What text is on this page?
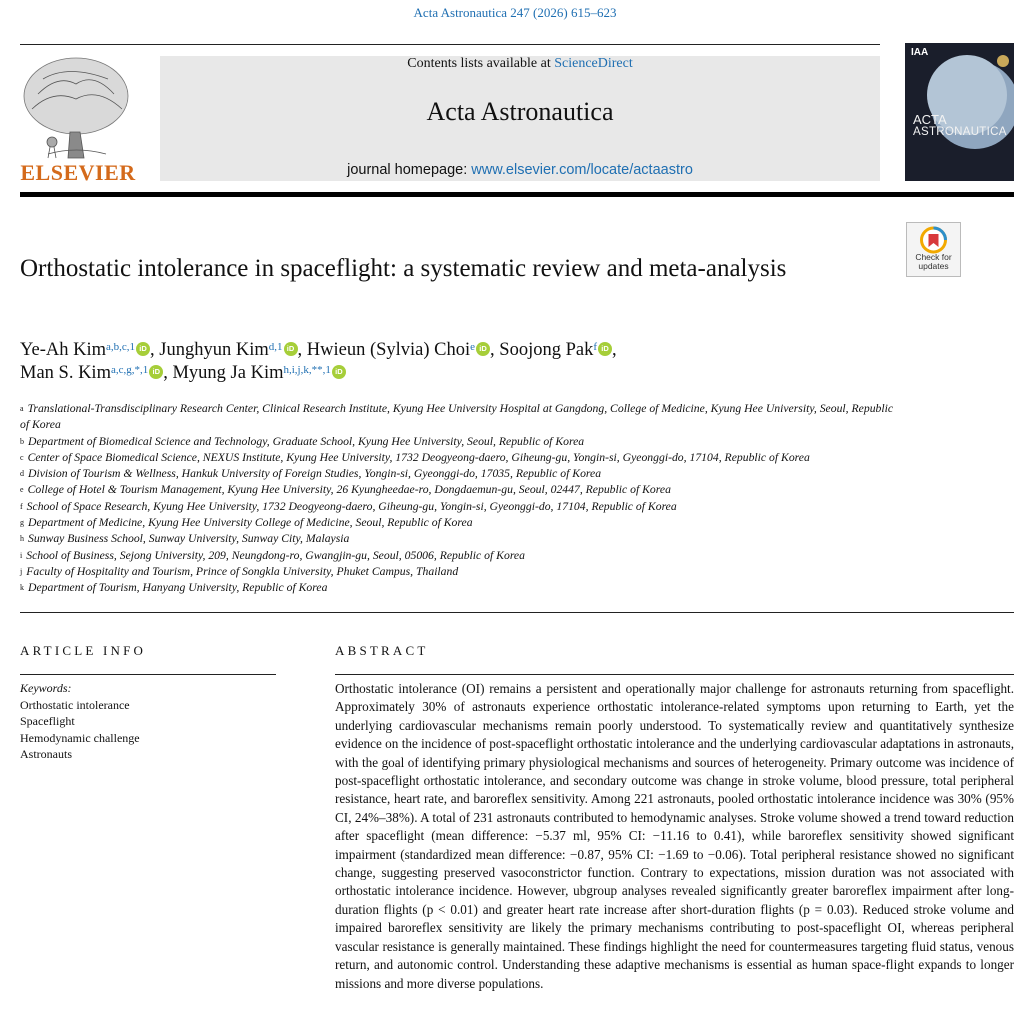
Acta Astronautica 247 (2026) 615–623
ELSEVIER
Contents lists available at ScienceDirect
Acta Astronautica
journal homepage: www.elsevier.com/locate/actaastro
IAA
ACTA
ASTRONAUTICA
Check for updates
Orthostatic intolerance in spaceflight: a systematic review and meta-analysis
Ye-Ah Kim$^{a,b,c,1}$ iD , Junghyun Kim$^{d,1}$ iD , Hwieun (Sylvia) Choi$^e$ iD , Soojong Pak$^f$ iD ,
Man S. Kim$^{a,c,g,*,1}$ iD , Myung Ja Kim$^{h,i,j,k,**,1}$ iD
$^a$ Translational-Transdisciplinary Research Center, Clinical Research Institute, Kyung Hee University Hospital at Gangdong, College of Medicine, Kyung Hee University, Seoul, Republic of Korea
$^b$ Department of Biomedical Science and Technology, Graduate School, Kyung Hee University, Seoul, Republic of Korea
$^c$ Center of Space Biomedical Science, NEXUS Institute, Kyung Hee University, 1732 Deogyeong-daero, Giheung-gu, Yongin-si, Gyeonggi-do, 17104, Republic of Korea
$^d$ Division of Tourism & Wellness, Hankuk University of Foreign Studies, Yongin-si, Gyeonggi-do, 17035, Republic of Korea
$^e$ College of Hotel & Tourism Management, Kyung Hee University, 26 Kyungheedae-ro, Dongdaemun-gu, Seoul, 02447, Republic of Korea
$^f$ School of Space Research, Kyung Hee University, 1732 Deogyeong-daero, Giheung-gu, Yongin-si, Gyeonggi-do, 17104, Republic of Korea
$^g$ Department of Medicine, Kyung Hee University College of Medicine, Seoul, Republic of Korea
$^h$ Sunway Business School, Sunway University, Sunway City, Malaysia
$^i$ School of Business, Sejong University, 209, Neungdong-ro, Gwangjin-gu, Seoul, 05006, Republic of Korea
$^j$ Faculty of Hospitality and Tourism, Prince of Songkla University, Phuket Campus, Thailand
$^k$ Department of Tourism, Hanyang University, Republic of Korea
ARTICLE INFO
Keywords:
Orthostatic intolerance
Spaceflight
Hemodynamic challenge
Astronauts
ABSTRACT
Orthostatic intolerance (OI) remains a persistent and operationally major challenge for astronauts returning from spaceflight. Approximately 30% of astronauts experience orthostatic intolerance-related symptoms upon returning to Earth, yet the underlying cardiovascular mechanisms remain poorly understood. To systematically review and quantitatively synthesize evidence on the incidence of post-spaceflight orthostatic intolerance and the underlying cardiovascular adaptations in astronauts, with the goal of identifying primary physiological mechanisms and sources of heterogeneity. Primary outcome was incidence of post-spaceflight orthostatic intolerance, and secondary outcome was change in stroke volume, blood pressure, total peripheral resistance, heart rate, and baroreflex sensitivity. Among 221 astronauts, pooled orthostatic intolerance incidence was 30% (95% CI, 24%–38%). A total of 231 astronauts contributed to hemodynamic analyses. Stroke volume showed a trend toward reduction after spaceflight (mean difference: −5.37 ml, 95% CI: −11.16 to 0.41), while baroreflex sensitivity showed significant impairment (standardized mean difference: −0.87, 95% CI: −1.69 to −0.06). Total peripheral resistance showed no significant change, suggesting preserved vasoconstrictor function. Contrary to expectations, mission duration was not associated with orthostatic intolerance incidence. However, ubgroup analyses revealed significantly greater baroreflex impairment after long-duration flights (p < 0.01) and greater heart rate increase after short-duration flights (p = 0.03). Reduced stroke volume and impaired baroreflex sensitivity are likely the primary mechanisms contributing to post-spaceflight OI, whereas peripheral vascular resistance is generally maintained. These findings highlight the need for countermeasures targeting fluid status, venous return, and autonomic control. Understanding these adaptive mechanisms is essential as human space-flight expands to longer missions and more diverse populations.
